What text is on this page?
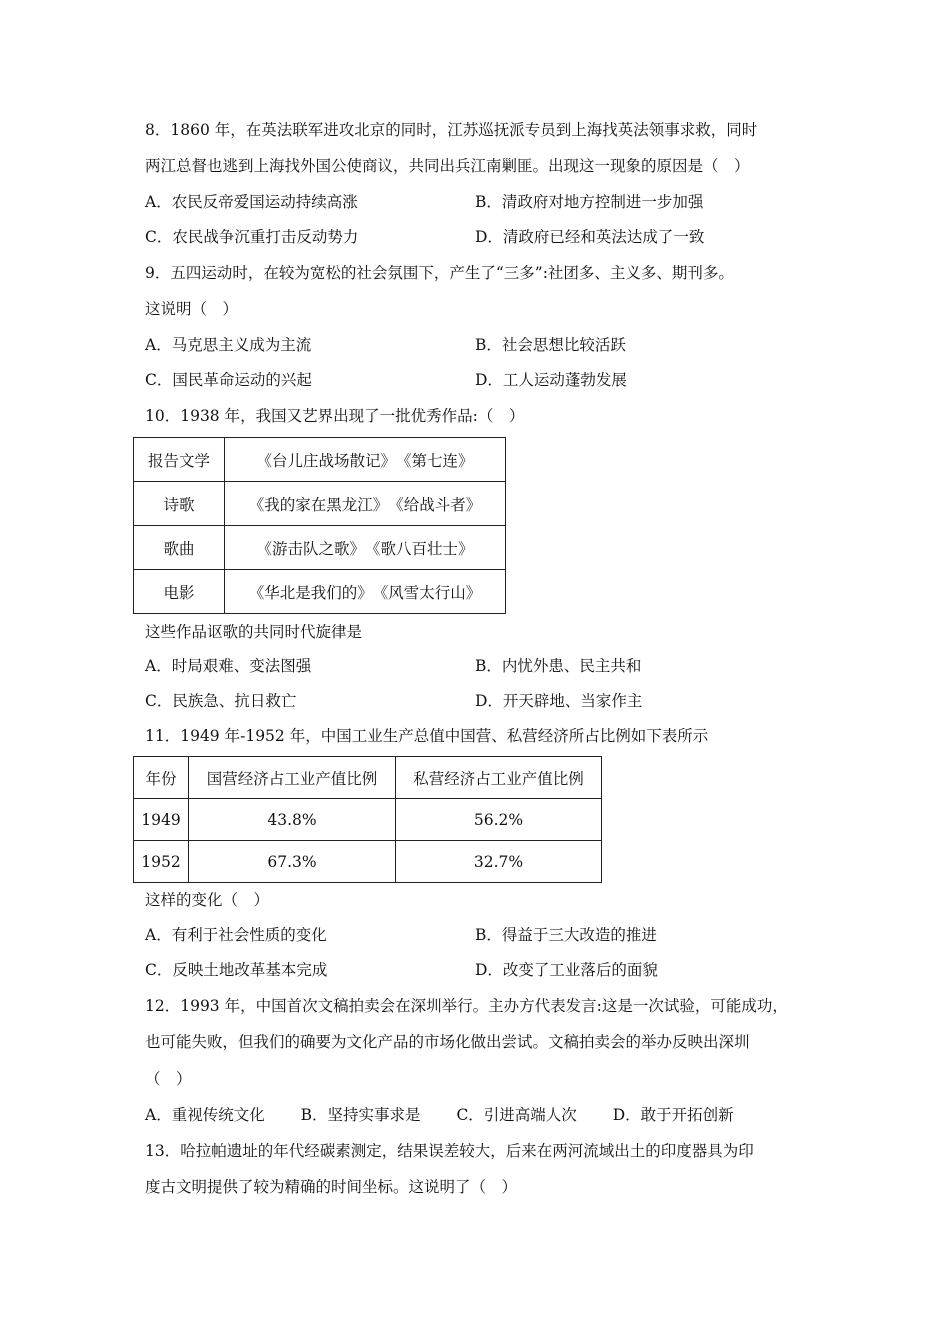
8．1860 年，在英法联军进攻北京的同时，江苏巡抚派专员到上海找英法领事求救，同时
两江总督也逃到上海找外国公使商议，共同出兵江南剿匪。出现这一现象的原因是（　）
A．农民反帝爱国运动持续高涨	B．清政府对地方控制进一步加强
C．农民战争沉重打击反动势力	D．清政府已经和英法达成了一致
9．五四运动时，在较为宽松的社会氛围下，产生了“三多”:社团多、主义多、期刊多。
这说明（　）
A．马克思主义成为主流	B．社会思想比较活跃
C．国民革命运动的兴起	D．工人运动蓬勃发展
10．1938 年，我国又艺界出现了一批优秀作品:（　）
报告文学	《台儿庄战场散记》　《第七连》
诗歌	《我的家在黑龙江》　《给战斗者》
歌曲	《游击队之歌》　《歌八百壮士》
电影	《华北是我们的》　《风雪太行山》
这些作品讴歌的共同时代旋律是
A．时局艰难、变法图强	B．内忧外患、民主共和
C．民族急、抗日救亡	D．开天辟地、当家作主
11．1949 年-1952 年，中国工业生产总值中国营、私营经济所占比例如下表所示
年份	国营经济占工业产值比例	私营经济占工业产值比例
1949	43.8%	56.2%
1952	67.3%	32.7%
这样的变化（　）
A．有利于社会性质的变化	B．得益于三大改造的推进
C．反映土地改革基本完成	D．改变了工业落后的面貌
12．1993 年，中国首次文稿拍卖会在深圳举行。主办方代表发言:这是一次试验，可能成功，
也可能失败，但我们的确要为文化产品的市场化做出尝试。文稿拍卖会的举办反映出深圳
（　）
A．重视传统文化　　 B．坚持实事求是　　 C．引进高端人次　　 D．敢于开拓创新
13．哈拉帕遗址的年代经碳素测定，结果误差较大，后来在两河流域出土的印度器具为印
度古文明提供了较为精确的时间坐标。这说明了（　）
